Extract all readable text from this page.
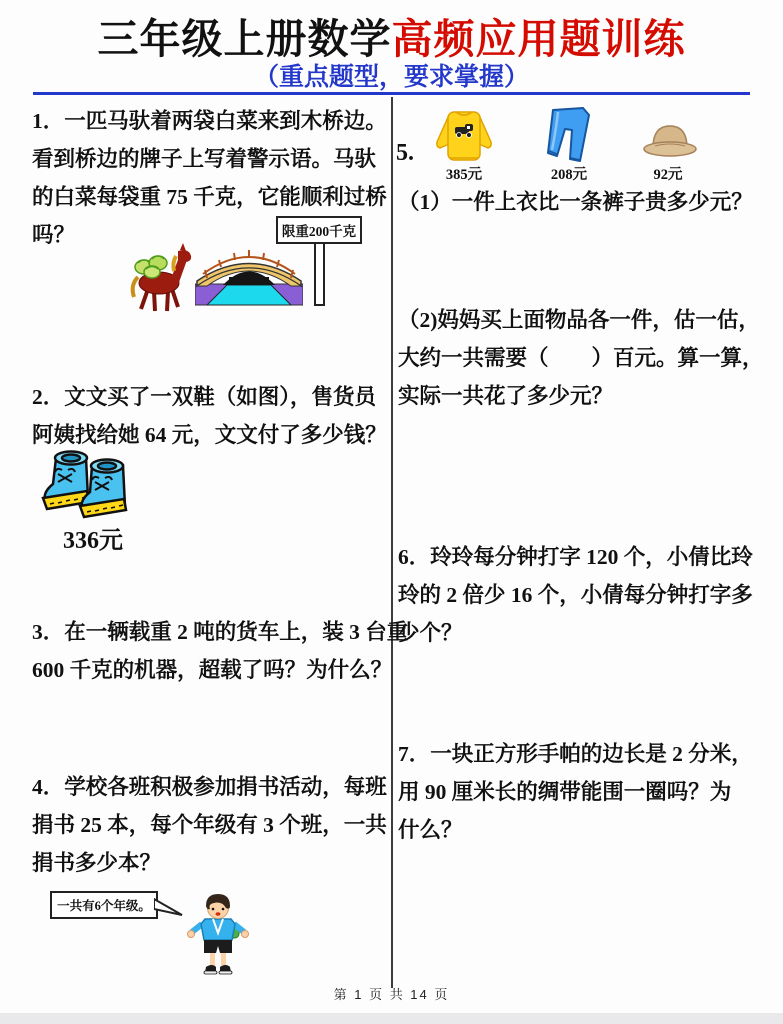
三年级上册数学高频应用题训练
（重点题型，要求掌握）
1．一匹马驮着两袋白菜来到木桥边。
看到桥边的牌子上写着警示语。马驮
的白菜每袋重 75 千克，它能顺利过桥
吗？	限重200千克
2．文文买了一双鞋（如图），售货员
阿姨找给她 64 元，文文付了多少钱？
336元
3．在一辆载重 2 吨的货车上，装 3 台重
600 千克的机器，超载了吗？为什么？
4．学校各班积极参加捐书活动，每班
捐书 25 本，每个年级有 3 个班，一共
捐书多少本？
一共有6个年级。
5.
385元	208元	92元
（1）一件上衣比一条裤子贵多少元？
（2)妈妈买上面物品各一件，估一估，
大约一共需要（　　）百元。算一算，
实际一共花了多少元？
6．玲玲每分钟打字 120 个，小倩比玲
玲的 2 倍少 16 个，小倩每分钟打字多
少个？
7．一块正方形手帕的边长是 2 分米，
用 90 厘米长的绸带能围一圈吗？为
什么？
第 1 页 共 14 页
